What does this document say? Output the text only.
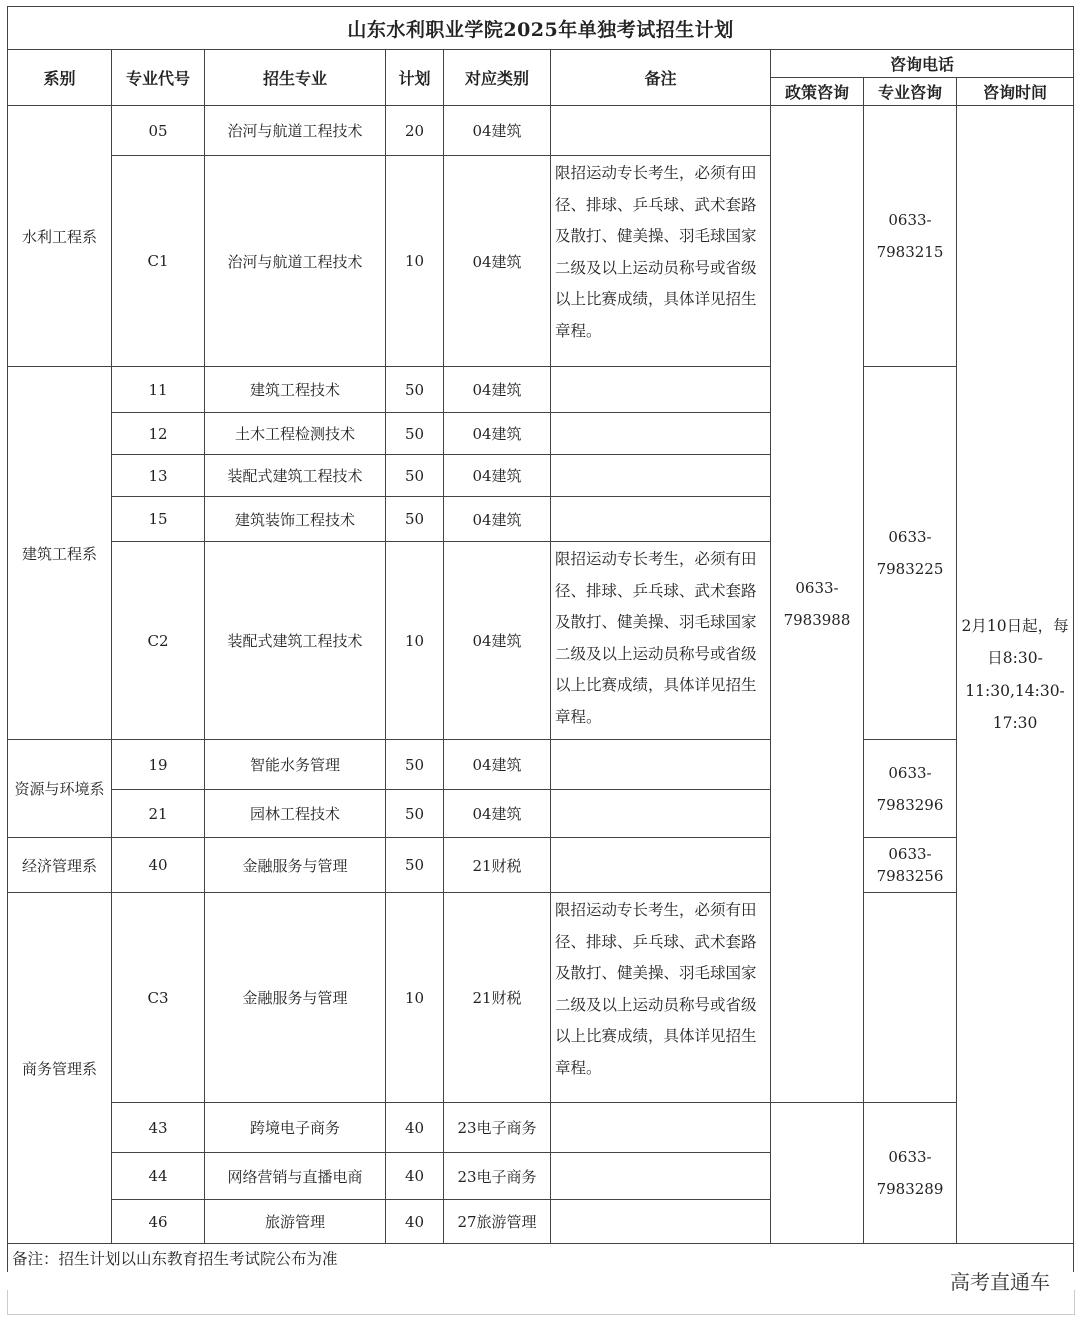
山东水利职业学院2025年单独考试招生计划								
系别	专业代号	招生专业	计划	对应类别	备注	咨询电话		
						政策咨询	专业咨询	咨询时间
水利工程系	05	治河与航道工程技术	20	04建筑		0633-7983988	0633-7983215	2月10日起，每日8:30-11:30,14:30-17:30
	C1	治河与航道工程技术	10	04建筑	限招运动专长考生，必须有田径、排球、乒乓球、武术套路及散打、健美操、羽毛球国家二级及以上运动员称号或省级以上比赛成绩，具体详见招生章程。			
建筑工程系	11	建筑工程技术	50	04建筑			0633-7983225	
	12	土木工程检测技术	50	04建筑				
	13	装配式建筑工程技术	50	04建筑				
	15	建筑装饰工程技术	50	04建筑				
	C2	装配式建筑工程技术	10	04建筑	限招运动专长考生，必须有田径、排球、乒乓球、武术套路及散打、健美操、羽毛球国家二级及以上运动员称号或省级以上比赛成绩，具体详见招生章程。			
资源与环境系	19	智能水务管理	50	04建筑			0633-7983296	
	21	园林工程技术	50	04建筑				
经济管理系	40	金融服务与管理	50	21财税			0633-7983256	
商务管理系	C3	金融服务与管理	10	21财税	限招运动专长考生，必须有田径、排球、乒乓球、武术套路及散打、健美操、羽毛球国家二级及以上运动员称号或省级以上比赛成绩，具体详见招生章程。			
	43	跨境电子商务	40	23电子商务			0633-7983289	
	44	网络营销与直播电商	40	23电子商务				
	46	旅游管理	40	27旅游管理				
备注：招生计划以山东教育招生考试院公布为准								
高考直通车
